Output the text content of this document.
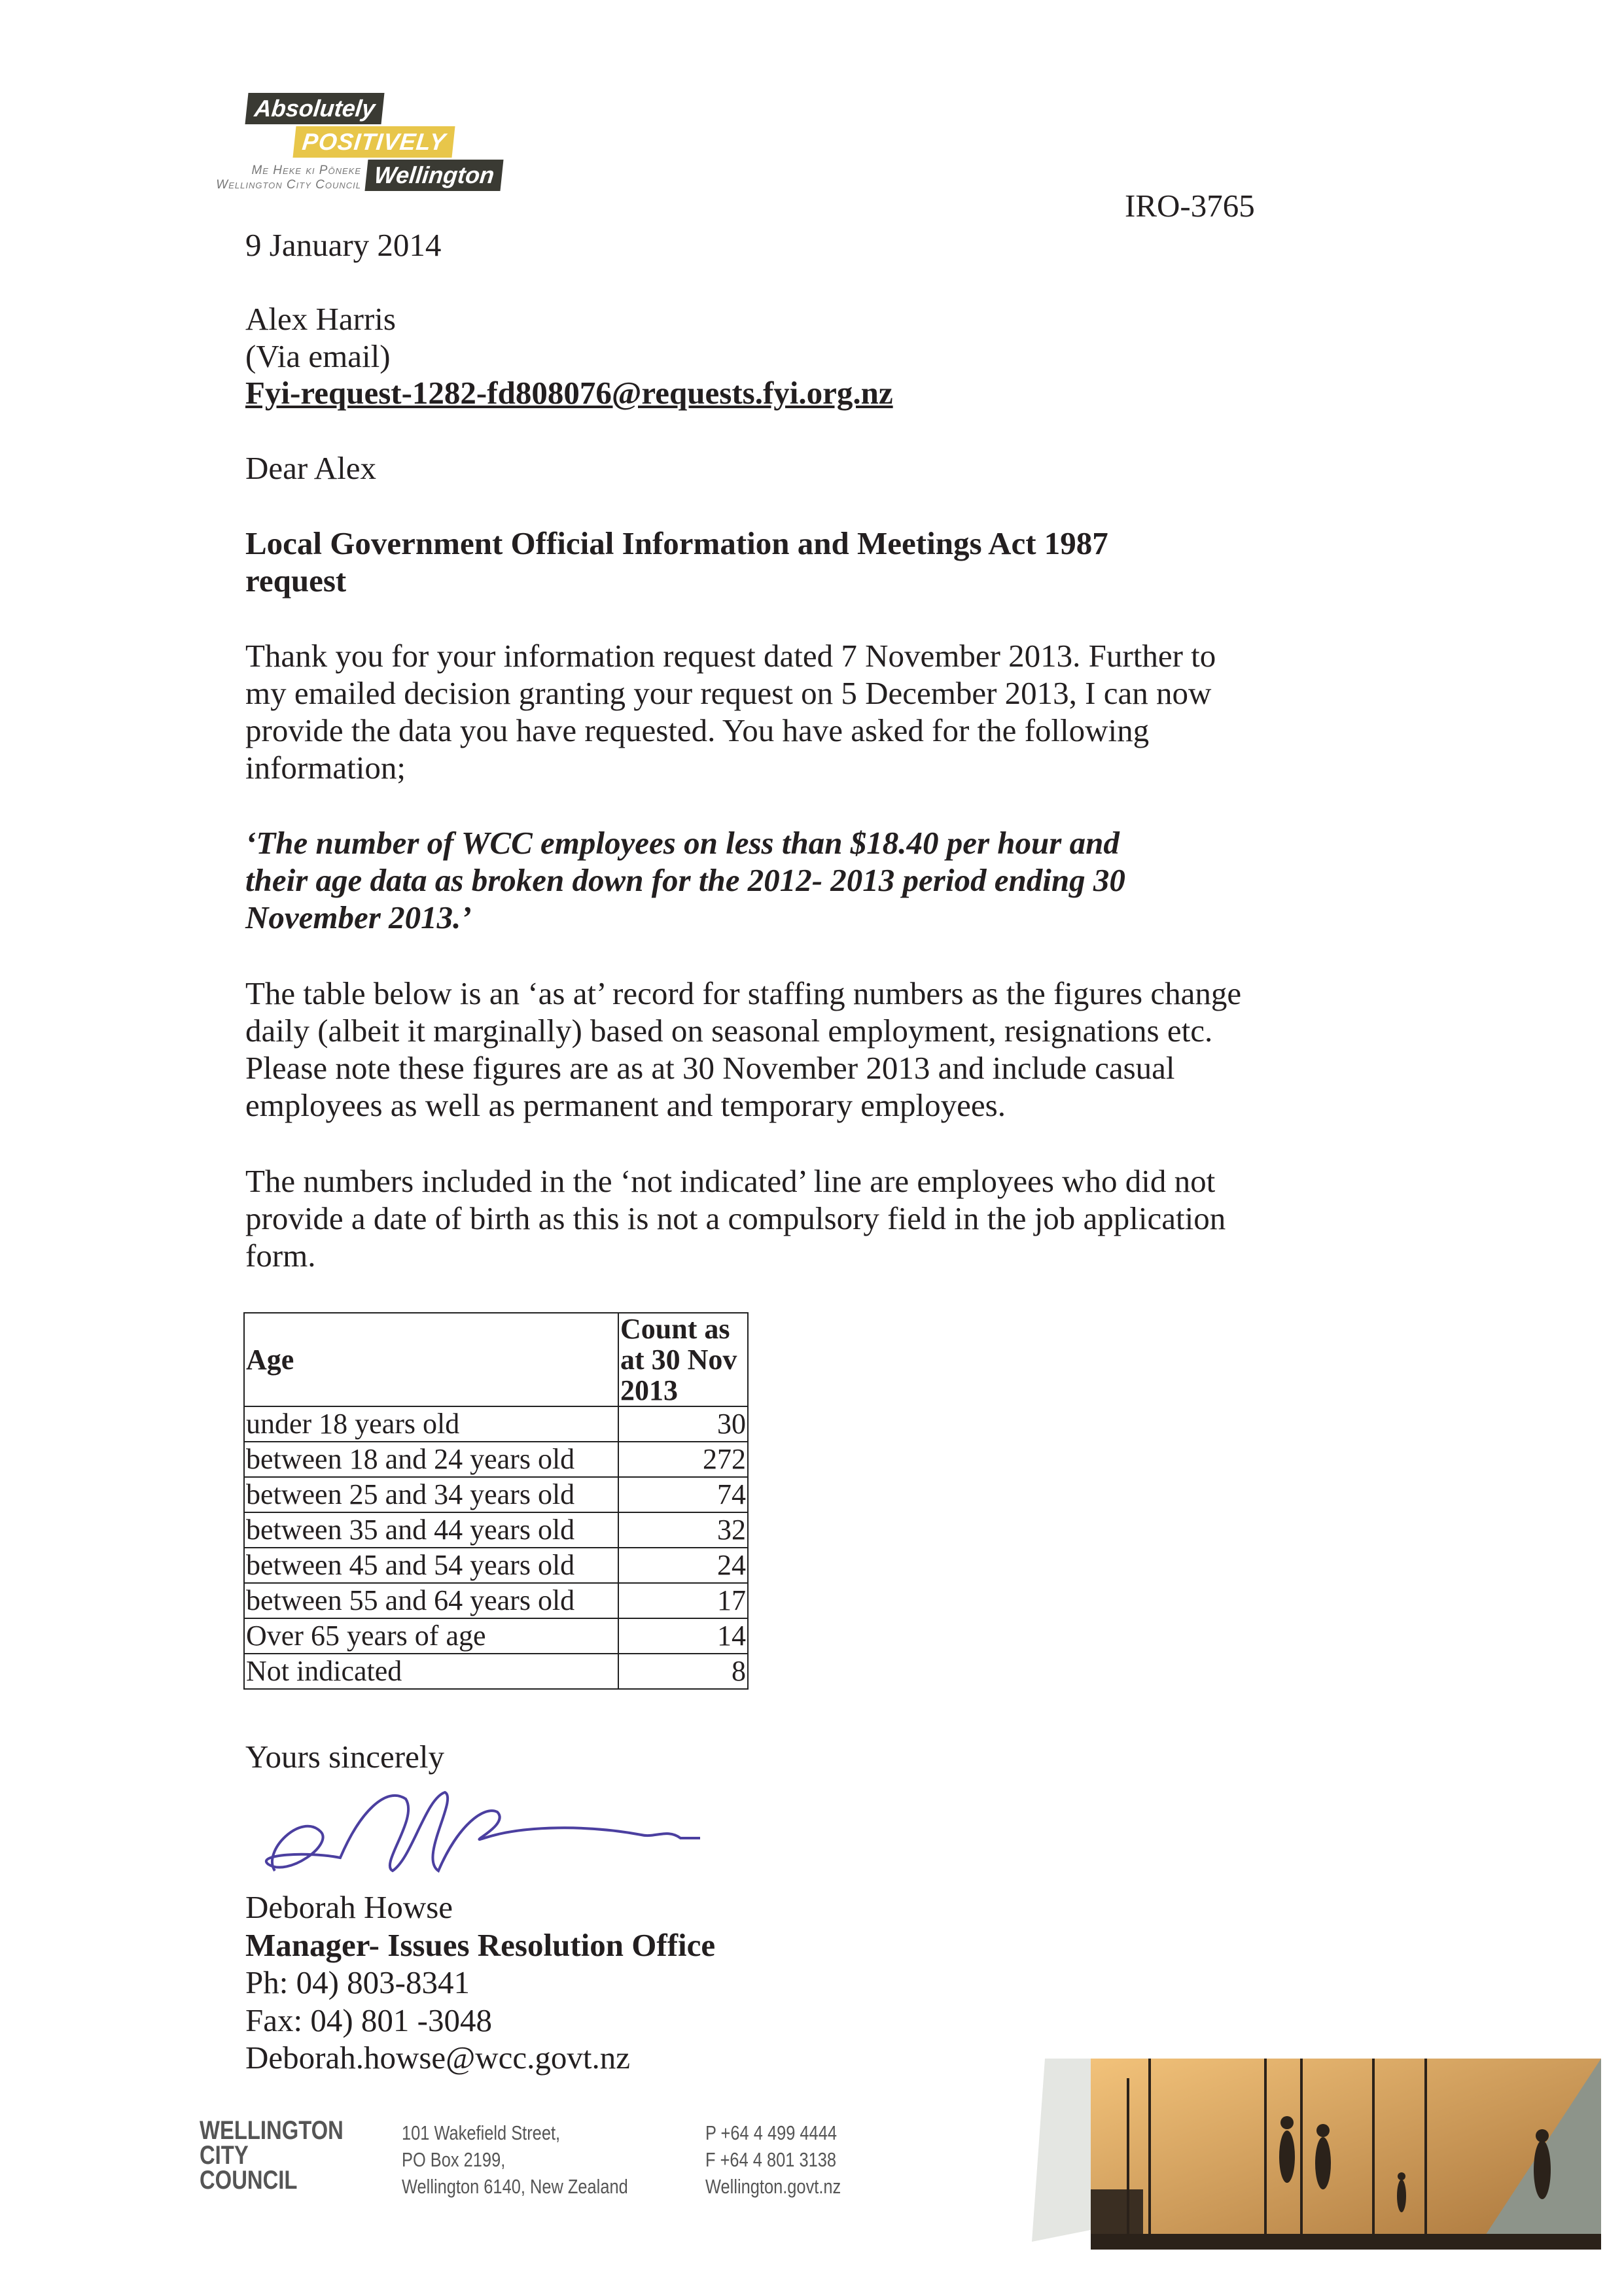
Absolutely
POSITIVELY
Wellington
Me Heke ki Pōneke
Wellington City Council
IRO-3765
9 January 2014
Alex Harris
(Via email)
Fyi-request-1282-fd808076@requests.fyi.org.nz
Dear Alex
Local Government Official Information and Meetings Act 1987
request
Thank you for your information request dated 7 November 2013. Further to
my emailed decision granting your request on 5 December 2013, I can now
provide the data you have requested. You have asked for the following
information;
‘The number of WCC employees on less than $18.40 per hour and
their age data as broken down for the 2012- 2013 period ending 30
November 2013.’
The table below is an ‘as at’ record for staffing numbers as the figures change
daily (albeit it marginally) based on seasonal employment, resignations etc.
Please note these figures are as at 30 November 2013 and include casual
employees as well as permanent and temporary employees.
The numbers included in the ‘not indicated’ line are employees who did not
provide a date of birth as this is not a compulsory field in the job application
form.
Age	Count as at 30 Nov 2013
under 18 years old	30
between 18 and 24 years old	272
between 25 and 34 years old	74
between 35 and 44 years old	32
between 45 and 54 years old	24
between 55 and 64 years old	17
Over 65 years of age	14
Not indicated	8
Yours sincerely
Deborah Howse
Manager- Issues Resolution Office
Ph: 04) 803-8341
Fax: 04) 801 -3048
Deborah.howse@wcc.govt.nz
WELLINGTON
CITY
COUNCIL
101 Wakefield Street,
PO Box 2199,
Wellington 6140, New Zealand
P +64 4 499 4444
F +64 4 801 3138
Wellington.govt.nz
